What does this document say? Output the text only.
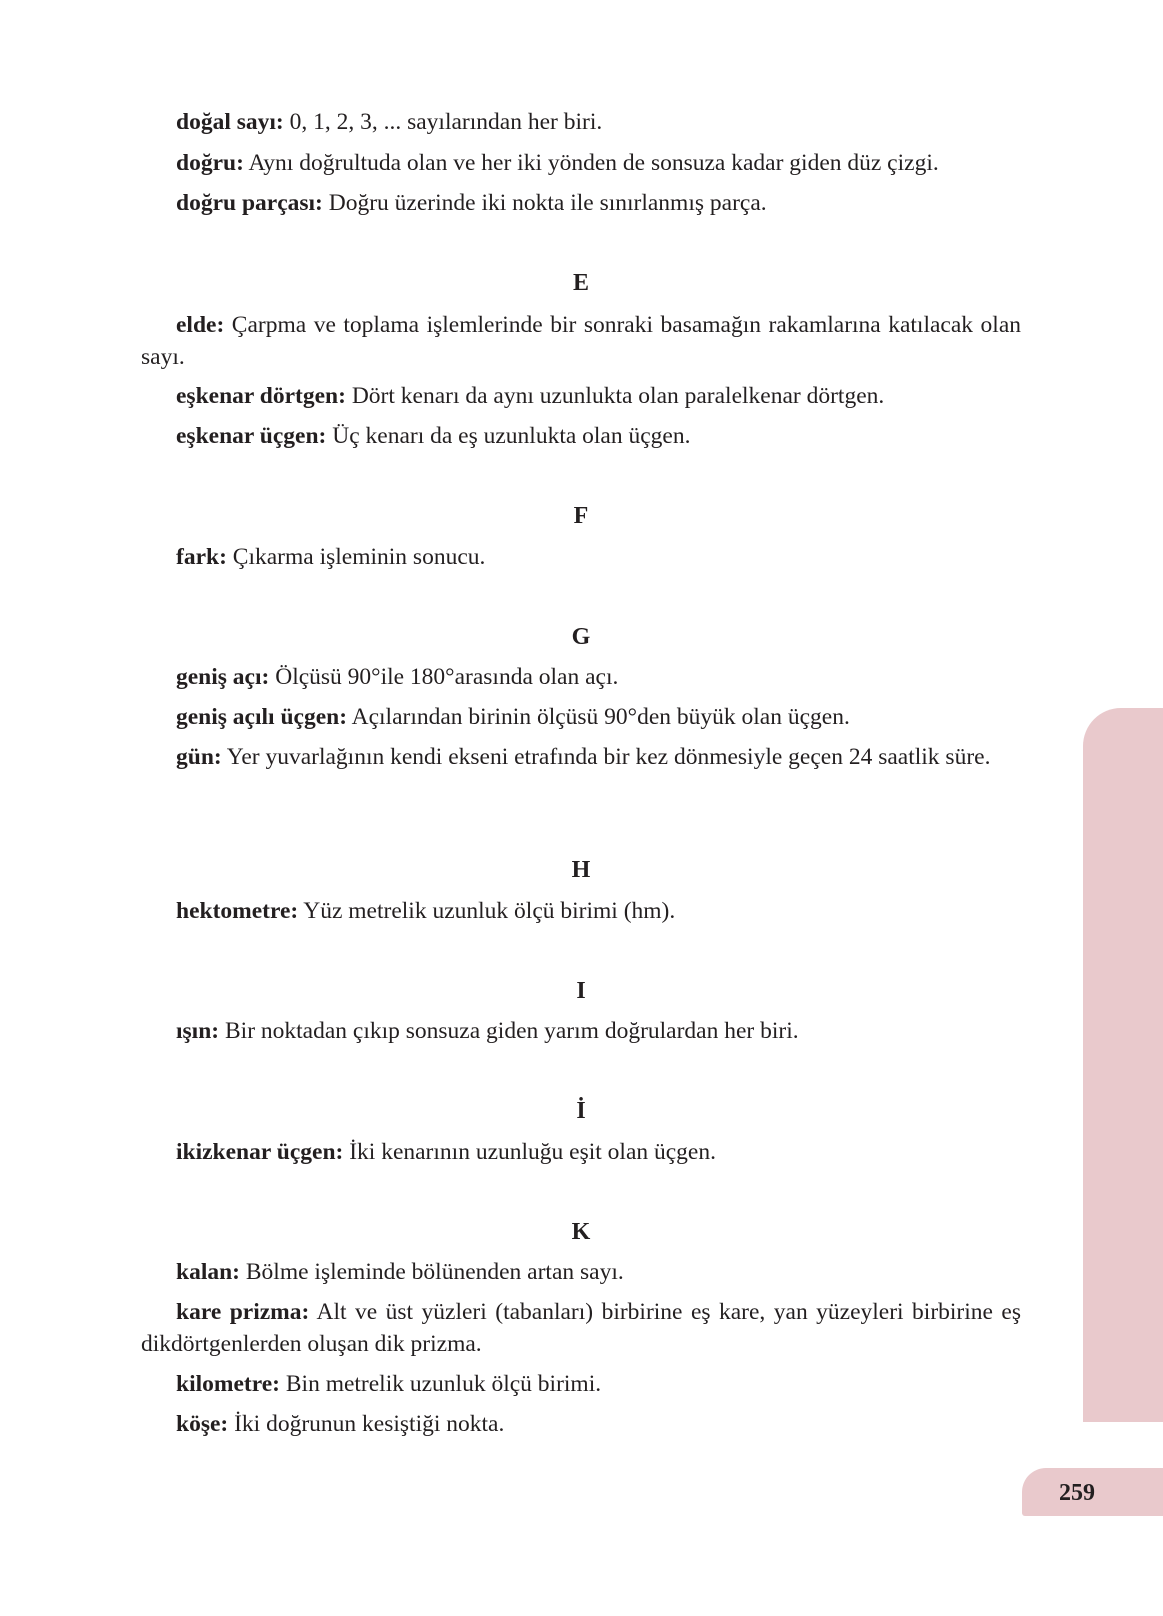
259

doğal sayı: 0, 1, 2, 3, ... sayılarından her biri.

doğru: Aynı doğrultuda olan ve her iki yönden de sonsuza kadar giden düz çizgi.

doğru parçası: Doğru üzerinde iki nokta ile sınırlanmış parça.

E

elde: Çarpma ve toplama işlemlerinde bir sonraki basamağın rakamlarına katılacak olan sayı.

eşkenar dörtgen: Dört kenarı da aynı uzunlukta olan paralelkenar dörtgen.

eşkenar üçgen: Üç kenarı da eş uzunlukta olan üçgen.

F

fark: Çıkarma işleminin sonucu.

G

geniş açı: Ölçüsü 90°ile 180°arasında olan açı.

geniş açılı üçgen: Açılarından birinin ölçüsü 90°den büyük olan üçgen.

gün: Yer yuvarlağının kendi ekseni etrafında bir kez dönmesiyle geçen 24 saatlik süre.

H

hektometre: Yüz metrelik uzunluk ölçü birimi (hm).

I

ışın: Bir noktadan çıkıp sonsuza giden yarım doğrulardan her biri.

İ

ikizkenar üçgen: İki kenarının uzunluğu eşit olan üçgen.

K

kalan: Bölme işleminde bölünenden artan sayı.

kare prizma: Alt ve üst yüzleri (tabanları) birbirine eş kare, yan yüzeyleri birbirine eş dikdörtgenlerden oluşan dik prizma.

kilometre: Bin metrelik uzunluk ölçü birimi.

köşe: İki doğrunun kesiştiği nokta.
